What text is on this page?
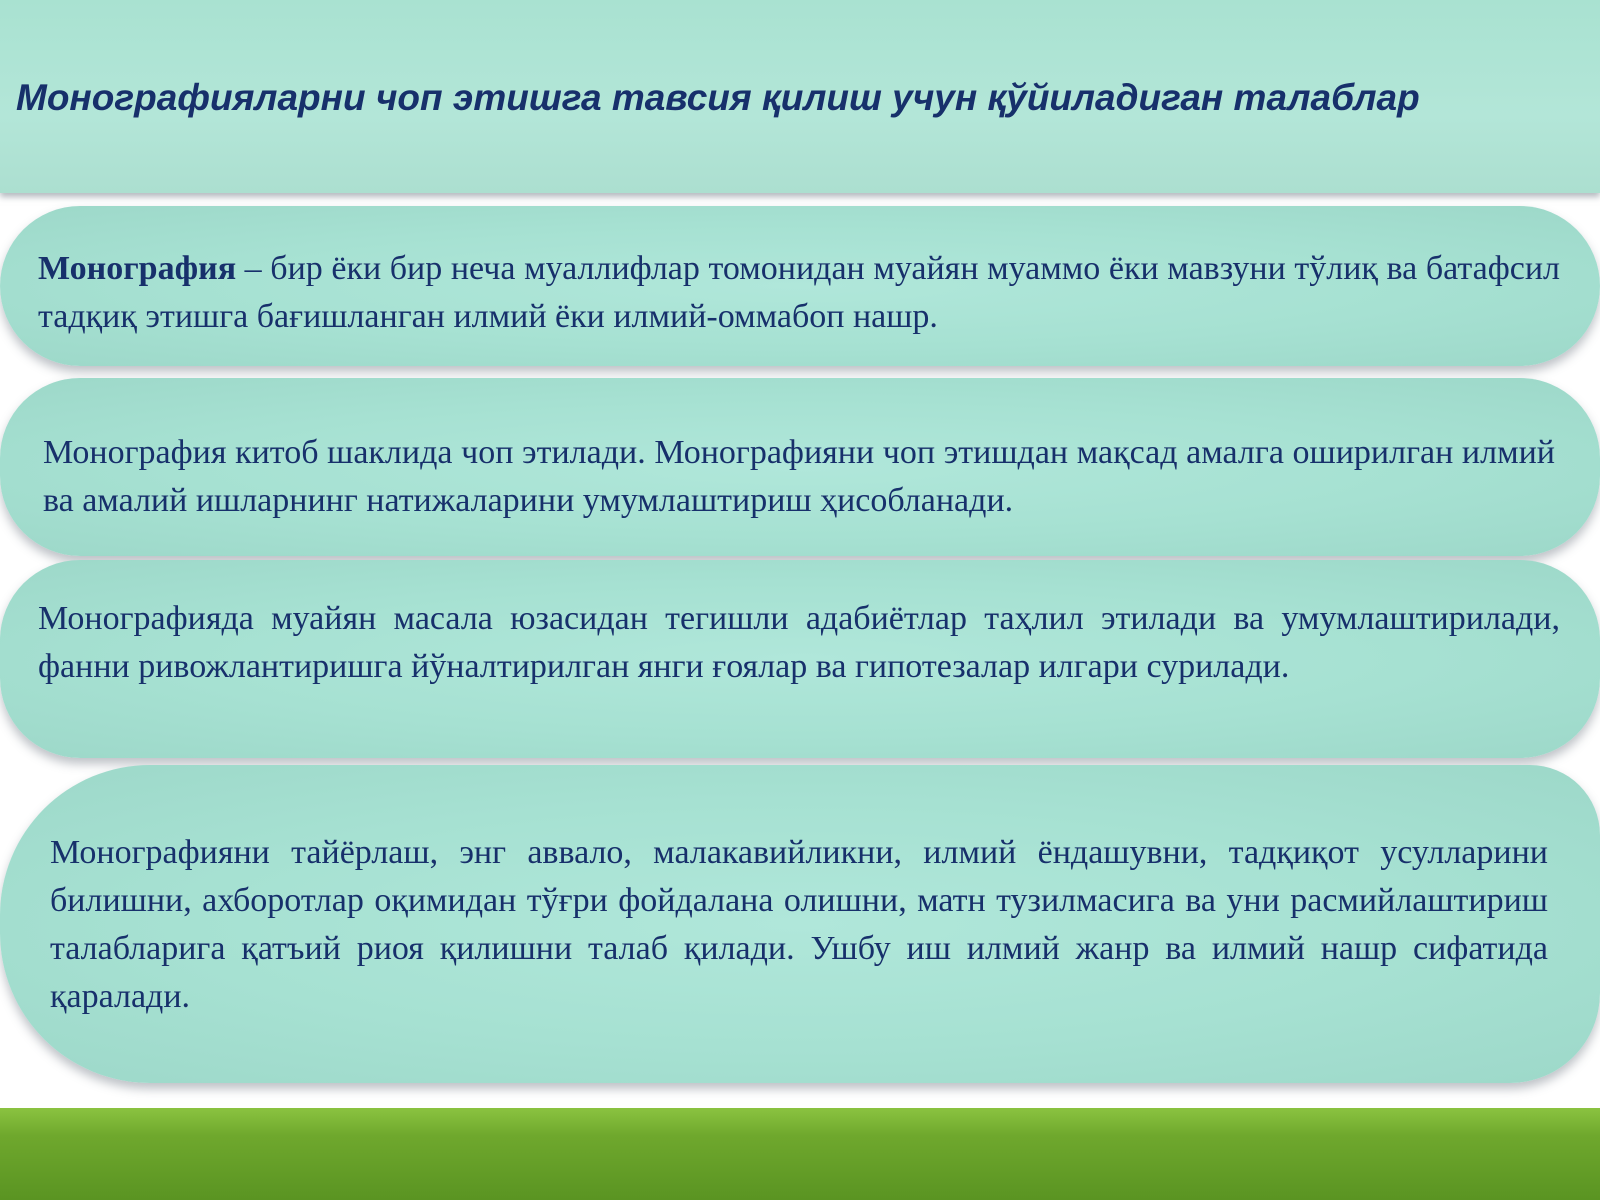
Монографияларни чоп этишга тавсия қилиш учун қўйиладиган талаблар
Монография – бир ёки бир неча муаллифлар томонидан муайян муаммо ёки мавзуни тўлиқ ва батафсил тадқиқ этишга бағишланган илмий ёки илмий-оммабоп нашр.
Монография китоб шаклида чоп этилади. Монографияни чоп этишдан мақсад амалга оширилган илмий ва амалий ишларнинг натижаларини умумлаштириш ҳисобланади.
Монографияда муайян масала юзасидан тегишли адабиётлар таҳлил этилади ва умумлаштирилади, фанни ривожлантиришга йўналтирилган янги ғоялар ва гипотезалар илгари сурилади.
Монографияни тайёрлаш, энг аввало, малакавийликни, илмий ёндашувни, тадқиқот усулларини билишни, ахборотлар оқимидан тўғри фойдалана олишни, матн тузилмасига ва уни расмийлаштириш талабларига қатъий риоя қилишни талаб қилади. Ушбу иш илмий жанр ва илмий нашр сифатида қаралади.
